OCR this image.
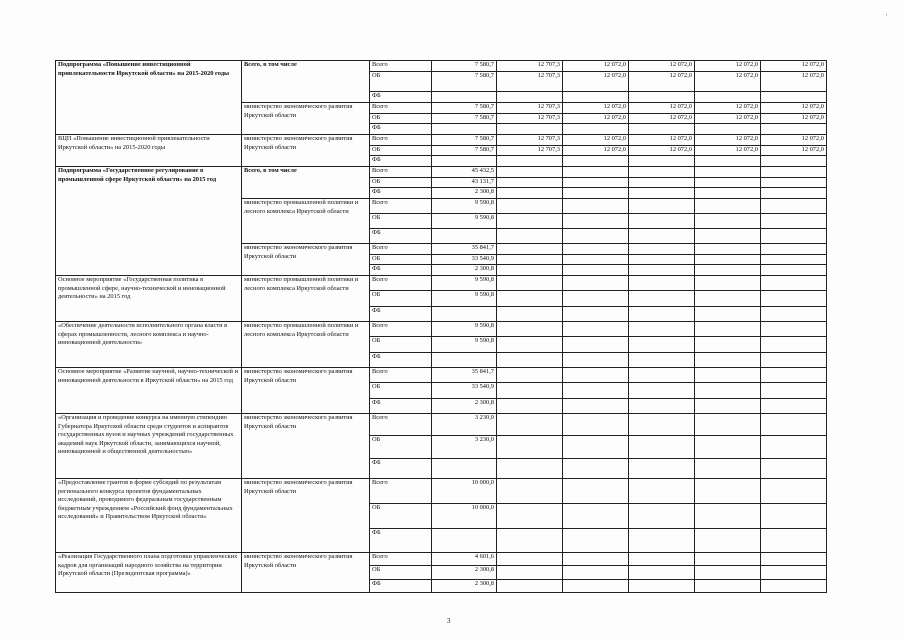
Подпрограмма «Повышение инвестиционной привлекательности Иркутской области» на 2015-2020 годы	Всего, в том числе	Всего	7 580,7	12 707,3	12 072,0	12 072,0	12 072,0	12 072,0
		ОБ	7 580,7	12 707,3	12 072,0	12 072,0	12 072,0	12 072,0
		ФБ						
	министерство экономического развития Иркутской области	Всего	7 580,7	12 707,3	12 072,0	12 072,0	12 072,0	12 072,0
		ОБ	7 580,7	12 707,3	12 072,0	12 072,0	12 072,0	12 072,0
		ФБ						
ВЦП «Повышение инвестиционной привлекательности Иркутской области» на 2015-2020 годы	министерство экономического развития Иркутской области	Всего	7 580,7	12 707,3	12 072,0	12 072,0	12 072,0	12 072,0
		ОБ	7 580,7	12 707,3	12 072,0	12 072,0	12 072,0	12 072,0
		ФБ						
Подпрограмма «Государственное регулирование в промышленной сфере Иркутской области» на 2015 год	Всего, в том числе	Всего	45 432,5					
		ОБ	43 131,7					
		ФБ	2 300,8					
	министерство промышленной политики и лесного комплекса Иркутской области	Всего	9 590,8					
		ОБ	9 590,8					
		ФБ						
	министерство экономического развития Иркутской области	Всего	35 841,7					
		ОБ	33 540,9					
		ФБ	2 300,8					
Основное мероприятие «Государственная политика в промышленной сфере, научно-технической и инновационной деятельности» на 2015 год	министерство промышленной политики и лесного комплекса Иркутской области	Всего	9 590,8					
		ОБ	9 590,8					
		ФБ						
«Обеспечение деятельности исполнительного органа власти в сферах промышленности, лесного комплекса и научно-инновационной деятельности»	министерство промышленной политики и лесного комплекса Иркутской области	Всего	9 590,8					
		ОБ	9 590,8					
		ФБ						
Основное мероприятие «Развитие научной, научно-технической и инновационной деятельности в Иркутской области» на 2015 год	министерство экономического развития Иркутской области	Всего	35 841,7					
		ОБ	33 540,9					
		ФБ	2 300,8					
«Организация и проведение конкурса на именную стипендию Губернатора Иркутской области среди студентов и аспирантов государственных вузов и научных учреждений государственных академий наук Иркутской области, занимающихся научной, инновационной и общественной деятельностью»	министерство экономического развития Иркутской области	Всего	3 230,0					
		ОБ	3 230,0					
		ФБ						
«Предоставление грантов в форме субсидий по результатам регионального конкурса проектов фундаментальных исследований, проводимого федеральным государственным бюджетным учреждением «Российский фонд фундаментальных исследований» и Правительством Иркутской области»	министерство экономического развития Иркутской области	Всего	10 000,0					
		ОБ	10 000,0					
		ФБ						
«Реализация Государственного плана подготовки управленческих кадров для организаций народного хозяйства на территории Иркутской области (Президентская программа)»	министерство экономического развития Иркутской области	Всего	4 601,6					
		ОБ	2 300,8					
		ФБ	2 300,8					
3
'
